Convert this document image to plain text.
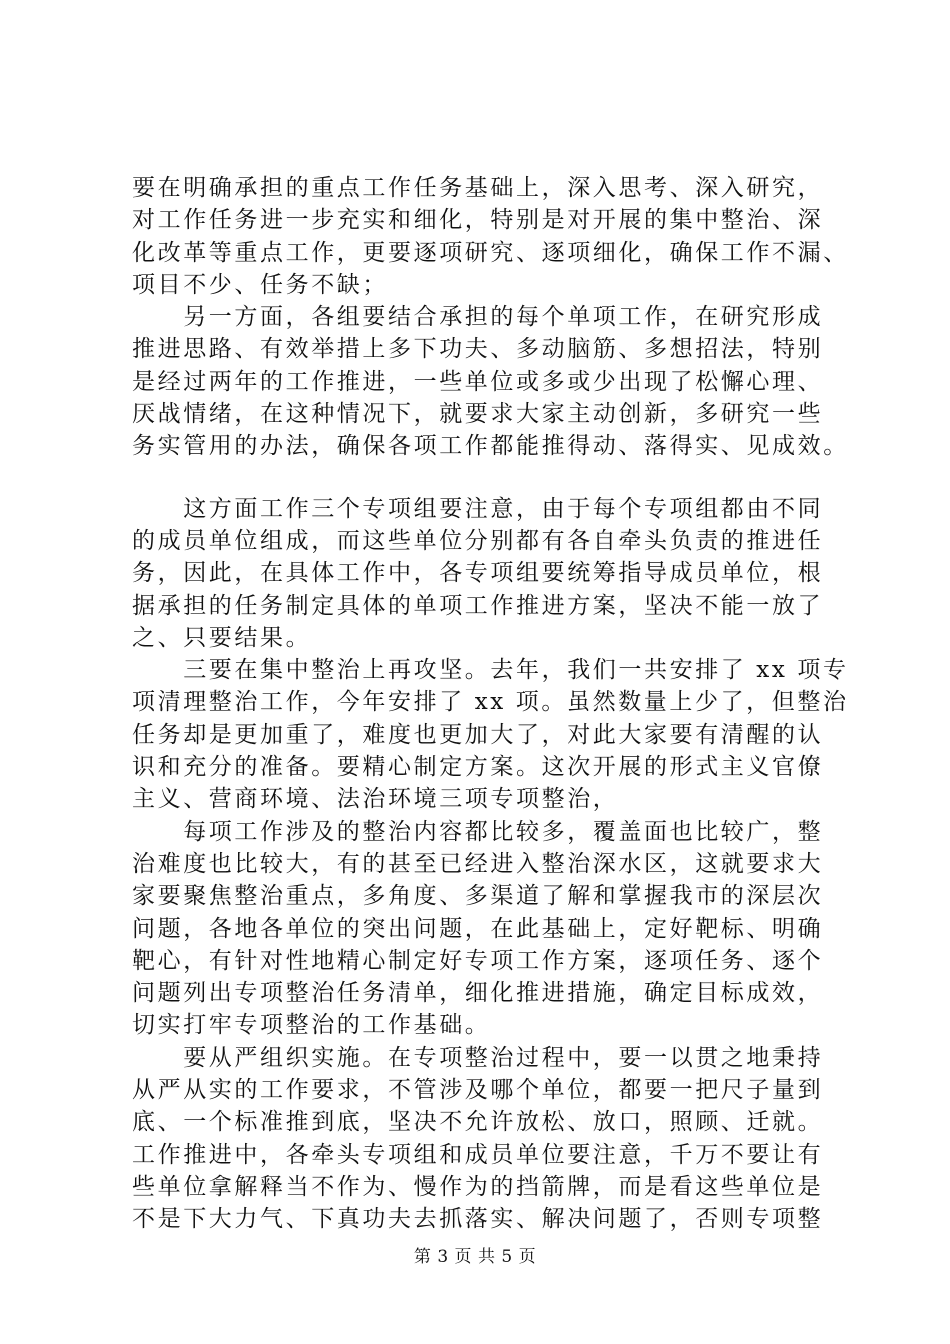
要在明确承担的重点工作任务基础上，深入思考、深入研究，
对工作任务进一步充实和细化，特别是对开展的集中整治、深
化改革等重点工作，更要逐项研究、逐项细化，确保工作不漏、
项目不少、任务不缺；
　　另一方面，各组要结合承担的每个单项工作，在研究形成
推进思路、有效举措上多下功夫、多动脑筋、多想招法，特别
是经过两年的工作推进，一些单位或多或少出现了松懈心理、
厌战情绪，在这种情况下，就要求大家主动创新，多研究一些
务实管用的办法，确保各项工作都能推得动、落得实、见成效。
　　这方面工作三个专项组要注意，由于每个专项组都由不同
的成员单位组成，而这些单位分别都有各自牵头负责的推进任
务，因此，在具体工作中，各专项组要统筹指导成员单位，根
据承担的任务制定具体的单项工作推进方案，坚决不能一放了
之、只要结果。
　　三要在集中整治上再攻坚。去年，我们一共安排了 xx 项专
项清理整治工作，今年安排了 xx 项。虽然数量上少了，但整治
任务却是更加重了，难度也更加大了，对此大家要有清醒的认
识和充分的准备。要精心制定方案。这次开展的形式主义官僚
主义、营商环境、法治环境三项专项整治，
　　每项工作涉及的整治内容都比较多，覆盖面也比较广，整
治难度也比较大，有的甚至已经进入整治深水区，这就要求大
家要聚焦整治重点，多角度、多渠道了解和掌握我市的深层次
问题，各地各单位的突出问题，在此基础上，定好靶标、明确
靶心，有针对性地精心制定好专项工作方案，逐项任务、逐个
问题列出专项整治任务清单，细化推进措施，确定目标成效，
切实打牢专项整治的工作基础。
　　要从严组织实施。在专项整治过程中，要一以贯之地秉持
从严从实的工作要求，不管涉及哪个单位，都要一把尺子量到
底、一个标准推到底，坚决不允许放松、放口，照顾、迁就。
工作推进中，各牵头专项组和成员单位要注意，千万不要让有
些单位拿解释当不作为、慢作为的挡箭牌，而是看这些单位是
不是下大力气、下真功夫去抓落实、解决问题了，否则专项整
第 3 页 共 5 页
